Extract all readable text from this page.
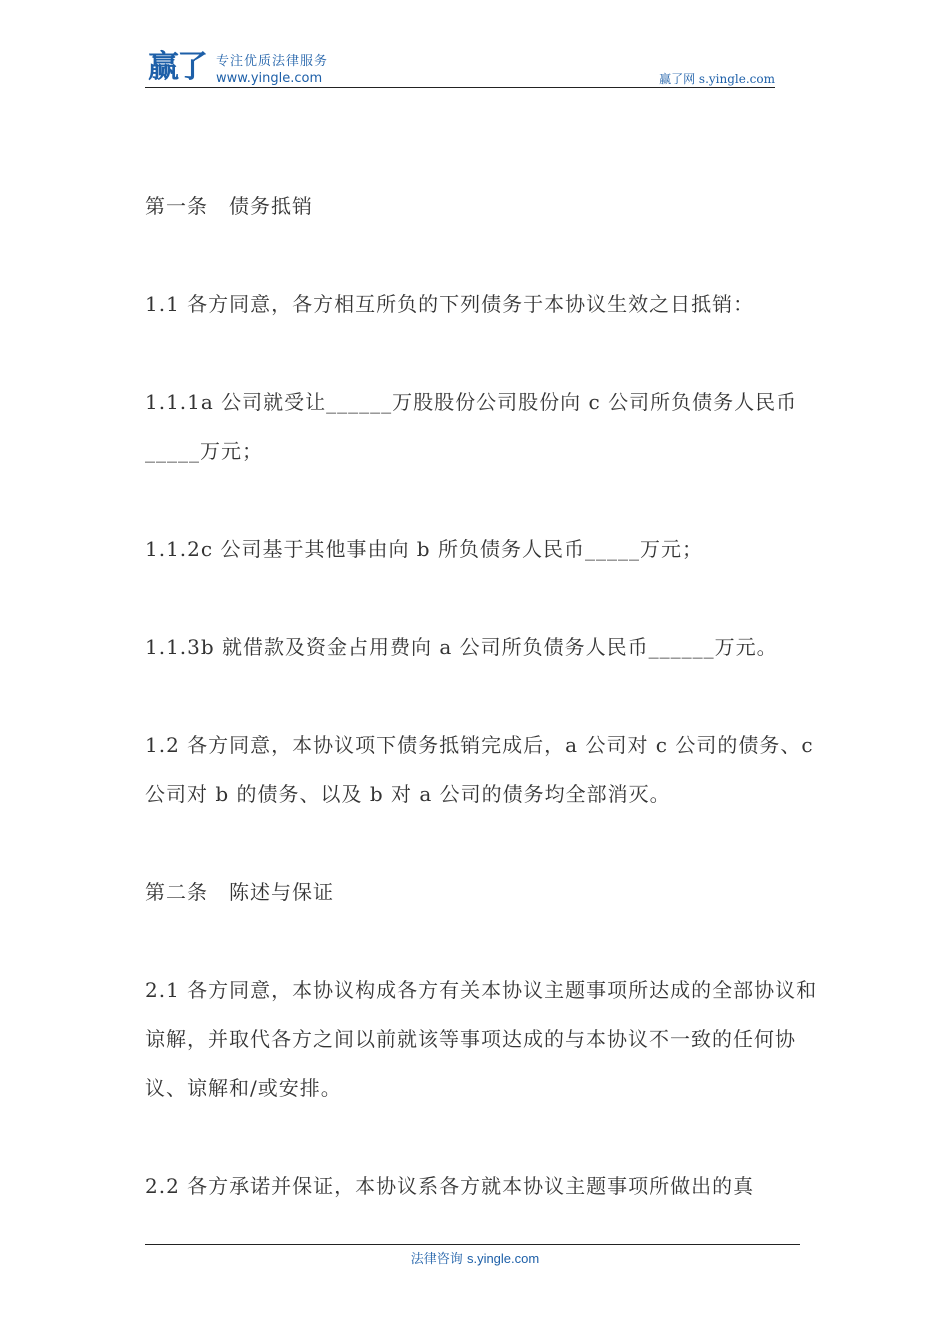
赢了 专注优质法律服务
www.yingle.com	赢了网 s.yingle.com

第一条　债务抵销

1.1 各方同意，各方相互所负的下列债务于本协议生效之日抵销：

1.1.1a 公司就受让______万股股份公司股份向 c 公司所负债务人民币_____万元；

1.1.2c 公司基于其他事由向 b 所负债务人民币_____万元；

1.1.3b 就借款及资金占用费向 a 公司所负债务人民币______万元。

1.2 各方同意，本协议项下债务抵销完成后，a 公司对 c 公司的债务、c 公司对 b 的债务、以及 b 对 a 公司的债务均全部消灭。

第二条　陈述与保证

2.1 各方同意，本协议构成各方有关本协议主题事项所达成的全部协议和谅解，并取代各方之间以前就该等事项达成的与本协议不一致的任何协议、谅解和/或安排。

2.2 各方承诺并保证，本协议系各方就本协议主题事项所做出的真

法律咨询 s.yingle.com
